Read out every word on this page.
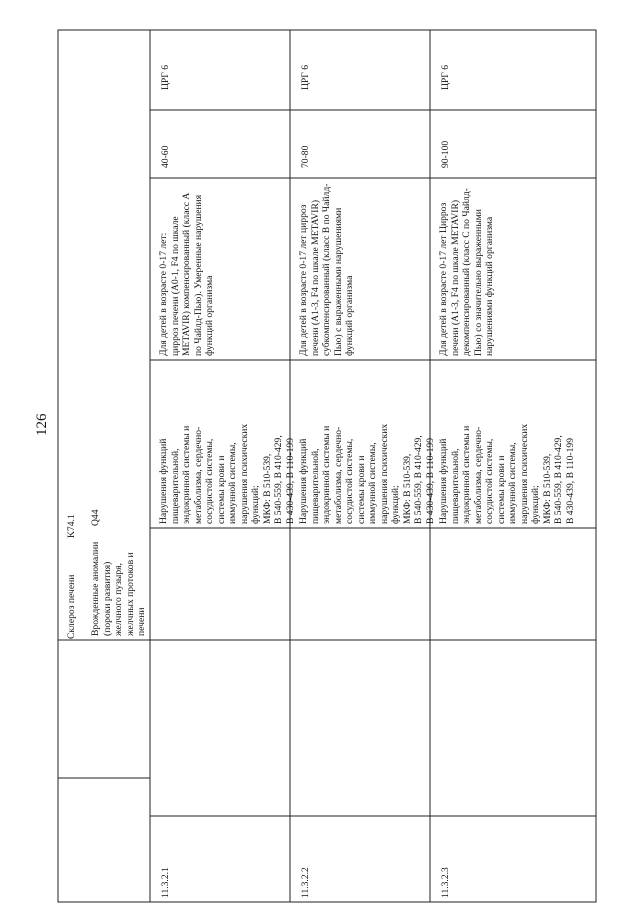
126
Склероз печени
K74.1
Врожденные аномалии (пороки развития) желчного пузыря, желчных протоков и печени
Q44
11.3.2.1
Нарушения функций пищеварительной, эндокринной системы и метаболизма, сердечно- сосудистой системы, системы крови и иммунной системы, нарушения психических функций; МКФ: B 510-539, B 540-559, B 410-429, B 430-439, B 110-199
Для детей в возрасте 0-17 лет: цирроз печени (A0-1, F4 по шкале METAVIR) компенсированный (класс A по Чайлд-Пью). Умеренные нарушения функций организма
40-60
ЦРГ 6
11.3.2.2
Нарушения функций пищеварительной, эндокринной системы и метаболизма, сердечно- сосудистой системы, системы крови и иммунной системы, нарушения психических функций; МКФ: B 510-539, B 540-559, B 410-429, B 430-439, B 110-199
Для детей в возрасте 0-17 лет цирроз печени (A1-3, F4 по шкале METAVIR) субкомпенсированный (класс В по Чайлд- Пью) с выраженными нарушениями функций организма
70-80
ЦРГ 6
11.3.2.3
Нарушения функций пищеварительной, эндокринной системы и метаболизма, сердечно- сосудистой системы, системы крови и иммунной системы, нарушения психических функций; МКФ: B 510-539, B 540-559, B 410-429, B 430-439, B 110-199
Для детей в возрасте 0-17 лет Цирроз печени (A1-3, F4 по шкале METAVIR) декомпенсированный (класс С по Чайлд- Пью) со значительно выраженными нарушениями функций организма
90-100
ЦРГ 6
